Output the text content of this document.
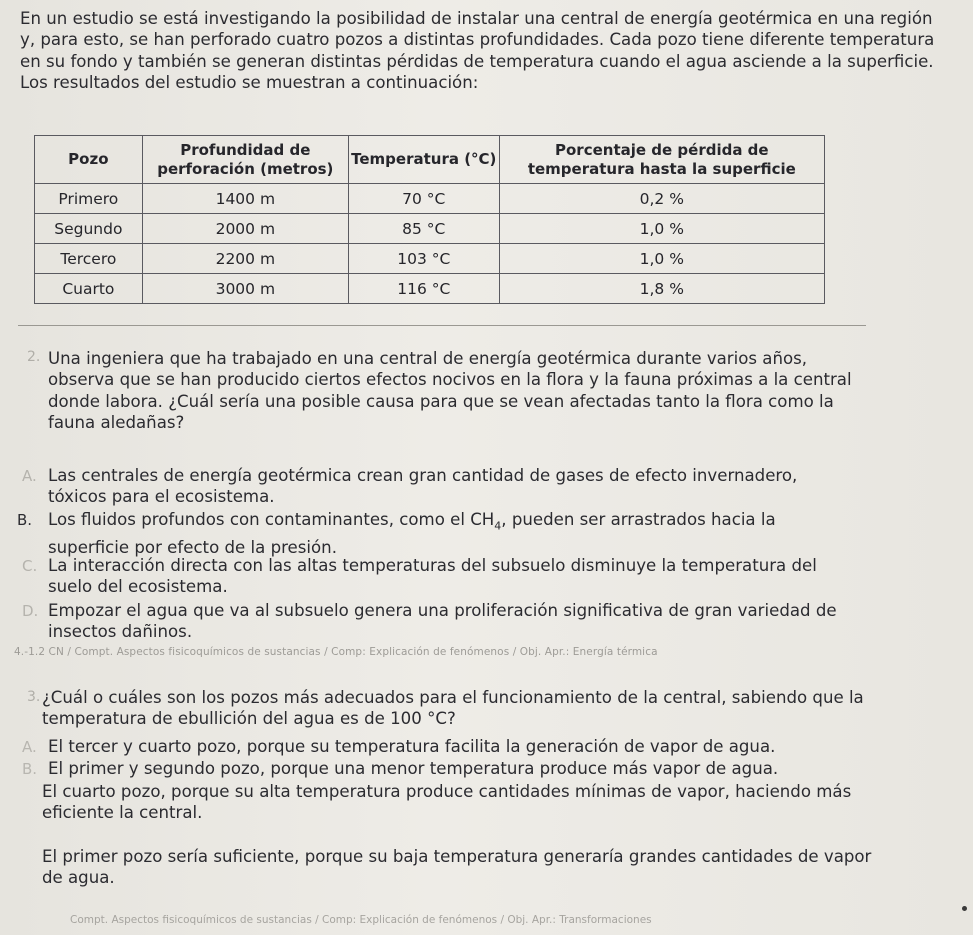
En un estudio se está investigando la posibilidad de instalar una central de energía geotérmica en una región y, para esto, se han perforado cuatro pozos a distintas profundidades. Cada pozo tiene diferente temperatura en su fondo y también se generan distintas pérdidas de temperatura cuando el agua asciende a la superficie. Los resultados del estudio se muestran a continuación:
Pozo	Profundidad de perforación (metros)	Temperatura (°C)	Porcentaje de pérdida de temperatura hasta la superficie
Primero	1400 m	70 °C	0,2 %
Segundo	2000 m	85 °C	1,0 %
Tercero	2200 m	103 °C	1,0 %
Cuarto	3000 m	116 °C	1,8 %
2. Una ingeniera que ha trabajado en una central de energía geotérmica durante varios años, observa que se han producido ciertos efectos nocivos en la flora y la fauna próximas a la central donde labora. ¿Cuál sería una posible causa para que se vean afectadas tanto la flora como la fauna aledañas?
A. Las centrales de energía geotérmica crean gran cantidad de gases de efecto invernadero, tóxicos para el ecosistema.
B. Los fluidos profundos con contaminantes, como el $CH_4$, pueden ser arrastrados hacia la superficie por efecto de la presión.
C. La interacción directa con las altas temperaturas del subsuelo disminuye la temperatura del suelo del ecosistema.
D. Empozar el agua que va al subsuelo genera una proliferación significativa de gran variedad de insectos dañinos.
4.-1.2 CN / Compt. Aspectos fisicoquímicos de sustancias / Comp: Explicación de fenómenos / Obj. Apr.: Energía térmica
3. ¿Cuál o cuáles son los pozos más adecuados para el funcionamiento de la central, sabiendo que la temperatura de ebullición del agua es de 100 °C?
A. El tercer y cuarto pozo, porque su temperatura facilita la generación de vapor de agua.
B. El primer y segundo pozo, porque una menor temperatura produce más vapor de agua.
El cuarto pozo, porque su alta temperatura produce cantidades mínimas de vapor, haciendo más eficiente la central.
El primer pozo sería suficiente, porque su baja temperatura generaría grandes cantidades de vapor de agua.
Compt. Aspectos fisicoquímicos de sustancias / Comp: Explicación de fenómenos / Obj. Apr.: Transformaciones
